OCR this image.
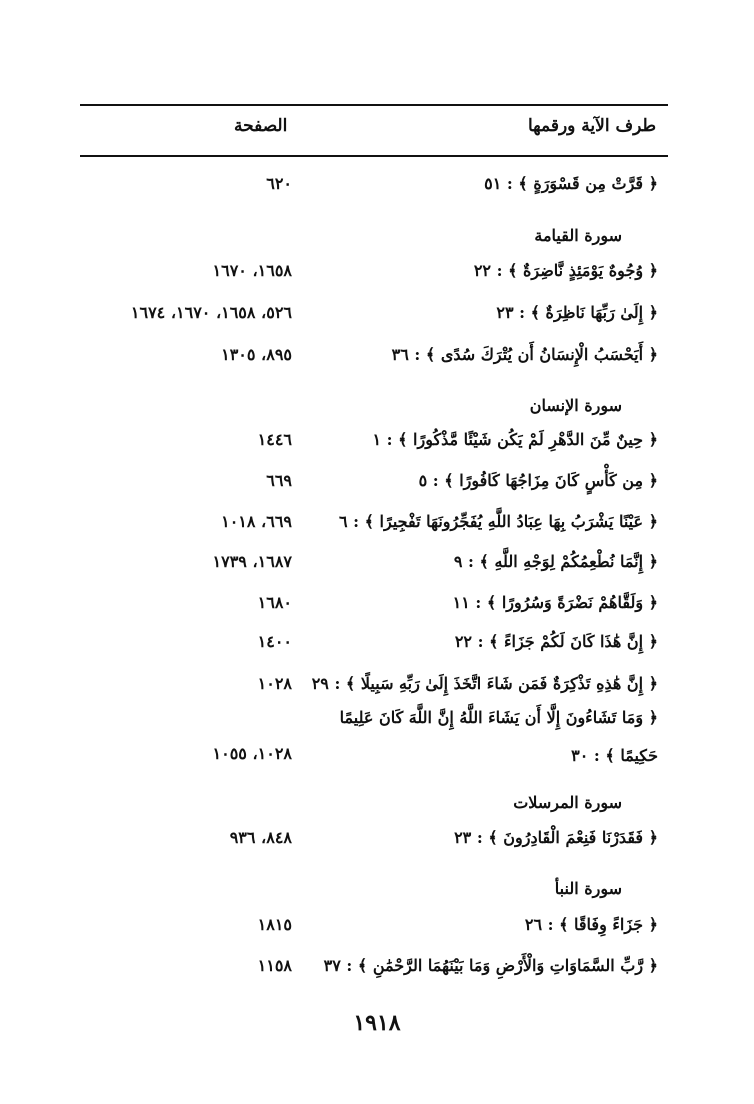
طرف الآية ورقمها
الصفحة
﴿ قَرَّتْ مِن قَسْوَرَةٍ ﴾ : ٥١
٦٢٠
سورة القيامة
﴿ وُجُوهٌ يَوْمَئِذٍ نَّاضِرَةٌ ﴾ : ٢٢
١٦٥٨، ١٦٧٠
﴿ إِلَىٰ رَبِّهَا نَاظِرَةٌ ﴾ : ٢٣
٥٢٦، ١٦٥٨، ١٦٧٠، ١٦٧٤
﴿ أَيَحْسَبُ الْإِنسَانُ أَن يُتْرَكَ سُدًى ﴾ : ٣٦
٨٩٥، ١٣٠٥
سورة الإنسان
﴿ حِينٌ مِّنَ الدَّهْرِ لَمْ يَكُن شَيْئًا مَّذْكُورًا ﴾ : ١
١٤٤٦
﴿ مِن كَأْسٍ كَانَ مِزَاجُهَا كَافُورًا ﴾ : ٥
٦٦٩
﴿ عَيْنًا يَشْرَبُ بِهَا عِبَادُ اللَّهِ يُفَجِّرُونَهَا تَفْجِيرًا ﴾ : ٦
٦٦٩، ١٠١٨
﴿ إِنَّمَا نُطْعِمُكُمْ لِوَجْهِ اللَّهِ ﴾ : ٩
١٦٨٧، ١٧٣٩
﴿ وَلَقَّاهُمْ نَضْرَةً وَسُرُورًا ﴾ : ١١
١٦٨٠
﴿ إِنَّ هَٰذَا كَانَ لَكُمْ جَزَاءً ﴾ : ٢٢
١٤٠٠
﴿ إِنَّ هَٰذِهِ تَذْكِرَةٌ فَمَن شَاءَ اتَّخَذَ إِلَىٰ رَبِّهِ سَبِيلًا ﴾ : ٢٩
١٠٢٨
﴿ وَمَا تَشَاءُونَ إِلَّا أَن يَشَاءَ اللَّهُ إِنَّ اللَّهَ كَانَ عَلِيمًا
حَكِيمًا ﴾ : ٣٠
١٠٢٨، ١٠٥٥
سورة المرسلات
﴿ فَقَدَرْنَا فَنِعْمَ الْقَادِرُونَ ﴾ : ٢٣
٨٤٨، ٩٣٦
سورة النبأ
﴿ جَزَاءً وِفَاقًا ﴾ : ٢٦
١٨١٥
﴿ رَّبِّ السَّمَاوَاتِ وَالْأَرْضِ وَمَا بَيْنَهُمَا الرَّحْمَٰنِ ﴾ : ٣٧
١١٥٨
١٩١٨
